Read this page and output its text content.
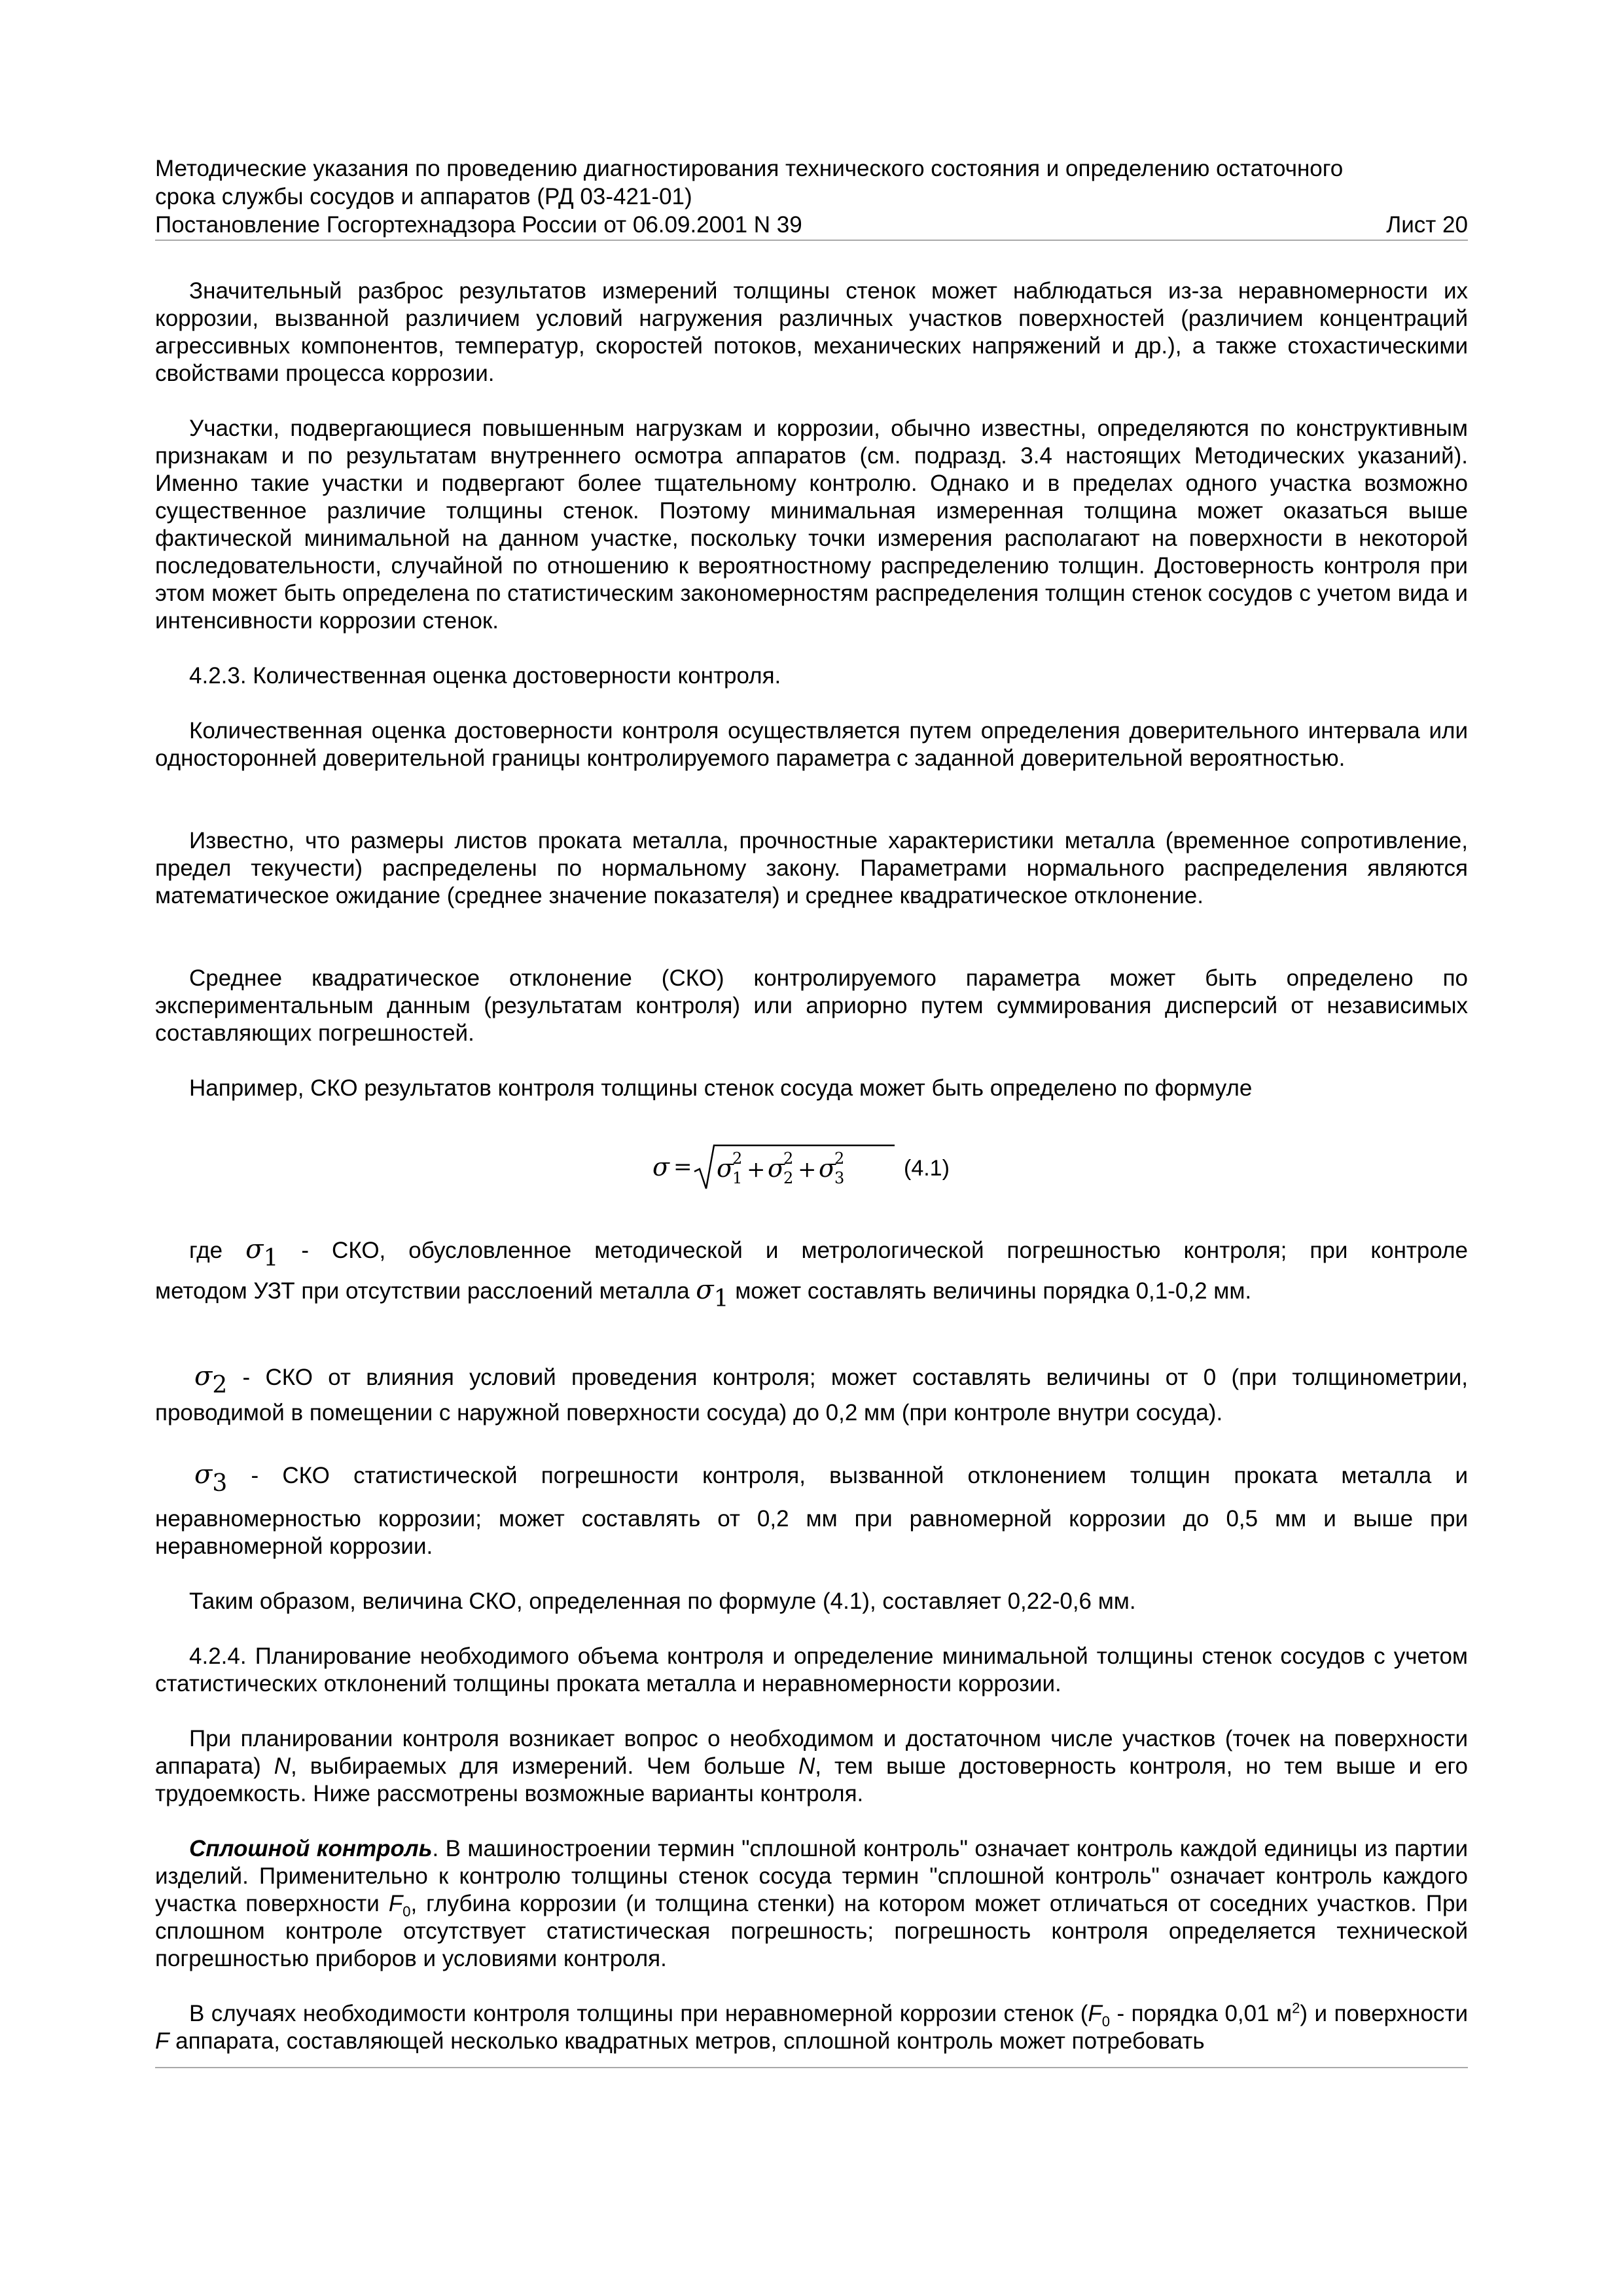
Методические указания по проведению диагностирования технического состояния и определению остаточного
срока службы сосудов и аппаратов (РД 03-421-01)
Постановление Госгортехнадзора России от 06.09.2001 N 39	Лист 20

Значительный разброс результатов измерений толщины стенок может наблюдаться из-за неравномерности их коррозии, вызванной различием условий нагружения различных участков поверхностей (различием концентраций агрессивных компонентов, температур, скоростей потоков, механических напряжений и др.), а также стохастическими свойствами процесса коррозии.

Участки, подвергающиеся повышенным нагрузкам и коррозии, обычно известны, определяются по конструктивным признакам и по результатам внутреннего осмотра аппаратов (см. подразд. 3.4 настоящих Методических указаний). Именно такие участки и подвергают более тщательному контролю. Однако и в пределах одного участка возможно существенное различие толщины стенок. Поэтому минимальная измеренная толщина может оказаться выше фактической минимальной на данном участке, поскольку точки измерения располагают на поверхности в некоторой последовательности, случайной по отношению к вероятностному распределению толщин. Достоверность контроля при этом может быть определена по статистическим закономерностям распределения толщин стенок сосудов с учетом вида и интенсивности коррозии стенок.

4.2.3. Количественная оценка достоверности контроля.

Количественная оценка достоверности контроля осуществляется путем определения доверительного интервала или односторонней доверительной границы контролируемого параметра с заданной доверительной вероятностью.

Известно, что размеры листов проката металла, прочностные характеристики металла (временное сопротивление, предел текучести) распределены по нормальному закону. Параметрами нормального распределения являются математическое ожидание (среднее значение показателя) и среднее квадратическое отклонение.

Среднее квадратическое отклонение (СКО) контролируемого параметра может быть определено по экспериментальным данным (результатам контроля) или априорно путем суммирования дисперсий от независимых составляющих погрешностей.

Например, СКО результатов контроля толщины стенок сосуда может быть определено по формуле

σ = σ
2
1 + σ
2
2 + σ
2
3	(4.1)
где σ1 - СКО, обусловленное методической и метрологической погрешностью контроля; при контроле
методом УЗТ при отсутствии расслоений металла σ1 может составлять величины порядка 0,1-0,2 мм.
σ2 - СКО от влияния условий проведения контроля; может составлять величины от 0 (при толщинометрии,
проводимой в помещении с наружной поверхности сосуда) до 0,2 мм (при контроле внутри сосуда).
σ3 - СКО статистической погрешности контроля, вызванной отклонением толщин проката металла и

неравномерностью коррозии; может составлять от 0,2 мм при равномерной коррозии до 0,5 мм и выше при неравномерной коррозии.

Таким образом, величина СКО, определенная по формуле (4.1), составляет 0,22-0,6 мм.

4.2.4. Планирование необходимого объема контроля и определение минимальной толщины стенок сосудов с учетом статистических отклонений толщины проката металла и неравномерности коррозии.

При планировании контроля возникает вопрос о необходимом и достаточном числе участков (точек на поверхности аппарата) N, выбираемых для измерений. Чем больше N, тем выше достоверность контроля, но тем выше и его трудоемкость. Ниже рассмотрены возможные варианты контроля.

Сплошной контроль. В машиностроении термин "сплошной контроль" означает контроль каждой единицы из партии изделий. Применительно к контролю толщины стенок сосуда термин "сплошной контроль" означает контроль каждого участка поверхности $F_0$, глубина коррозии (и толщина стенки) на котором может отличаться от соседних участков. При сплошном контроле отсутствует статистическая погрешность; погрешность контроля определяется технической погрешностью приборов и условиями контроля.

В случаях необходимости контроля толщины при неравномерной коррозии стенок ($F_0$ - порядка 0,01 $м^2$) и поверхности F аппарата, составляющей несколько квадратных метров, сплошной контроль может потребовать
